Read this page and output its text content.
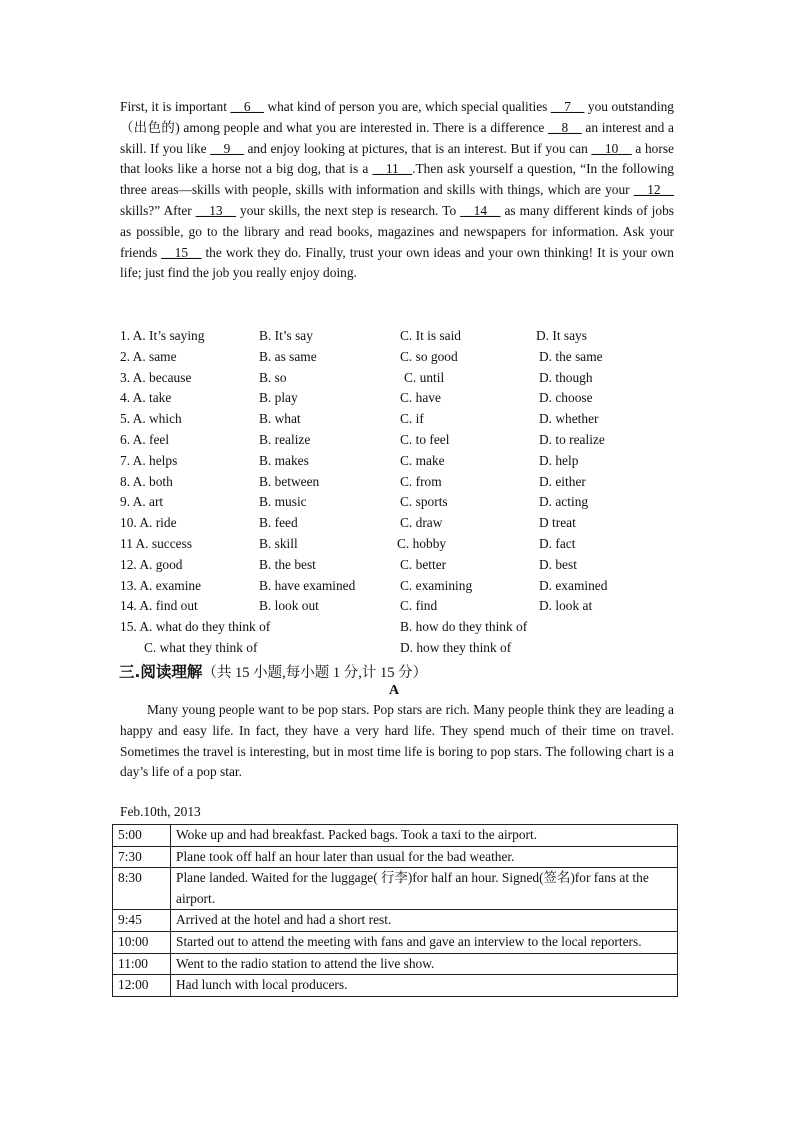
First, it is important __6__ what kind of person you are, which special qualities __7__ you outstanding （出色的) among people and what you are interested in. There is a difference __8__ an interest and a skill. If you like __9__ and enjoy looking at pictures, that is an interest. But if you can __10__ a horse that looks like a horse not a big dog, that is a __11__.Then ask yourself a question, “In the following three areas—skills with people, skills with information and skills with things, which are your __12__ skills?” After __13__ your skills, the next step is research. To __14__ as many different kinds of jobs as possible, go to the library and read books, magazines and newspapers for information. Ask your friends __15__ the work they do. Finally, trust your own ideas and your own thinking! It is your own life; just find the job you really enjoy doing.

1. A. It’s saying	B. It’s say	C. It is said	D. It says
2. A. same	B. as same	C. so good	D. the same
3. A. because	B. so	C. until	D. though
4. A. take	B. play	C. have	D. choose
5. A. which	B. what	C. if	D. whether
6. A. feel	B. realize	C. to feel	D. to realize
7. A. helps	B. makes	C. make	D. help
8. A. both	B. between	C. from	D. either
9. A. art	B. music	C. sports	D. acting
10. A. ride	B. feed	C. draw	D treat
11 A. success	B. skill	C. hobby	D. fact
12. A. good	B. the best	C. better	D. best
13. A. examine	B. have examined	C. examining	D. examined
14. A. find out	B. look out	C. find	D. look at
15. A. what do they think of	B. how do they think of
C. what they think of	D. how they think of
三.阅读理解（共 15 小题,每小题 1 分,计 15 分）
A

Many young people want to be pop stars. Pop stars are rich. Many people think they are leading a happy and easy life. In fact, they have a very hard life. They spend much of their time on travel. Sometimes the travel is interesting, but in most time life is boring to pop stars. The following chart is a day’s life of a pop star.

Feb.10th, 2013
5:00	Woke up and had breakfast. Packed bags. Took a taxi to the airport.
7:30	Plane took off half an hour later than usual for the bad weather.
8:30	Plane landed. Waited for the luggage( 行李)for half an hour. Signed(签名)for fans at the airport.
9:45	Arrived at the hotel and had a short rest.
10:00	Started out to attend the meeting with fans and gave an interview to the local reporters.
11:00	Went to the radio station to attend the live show.
12:00	Had lunch with local producers.
